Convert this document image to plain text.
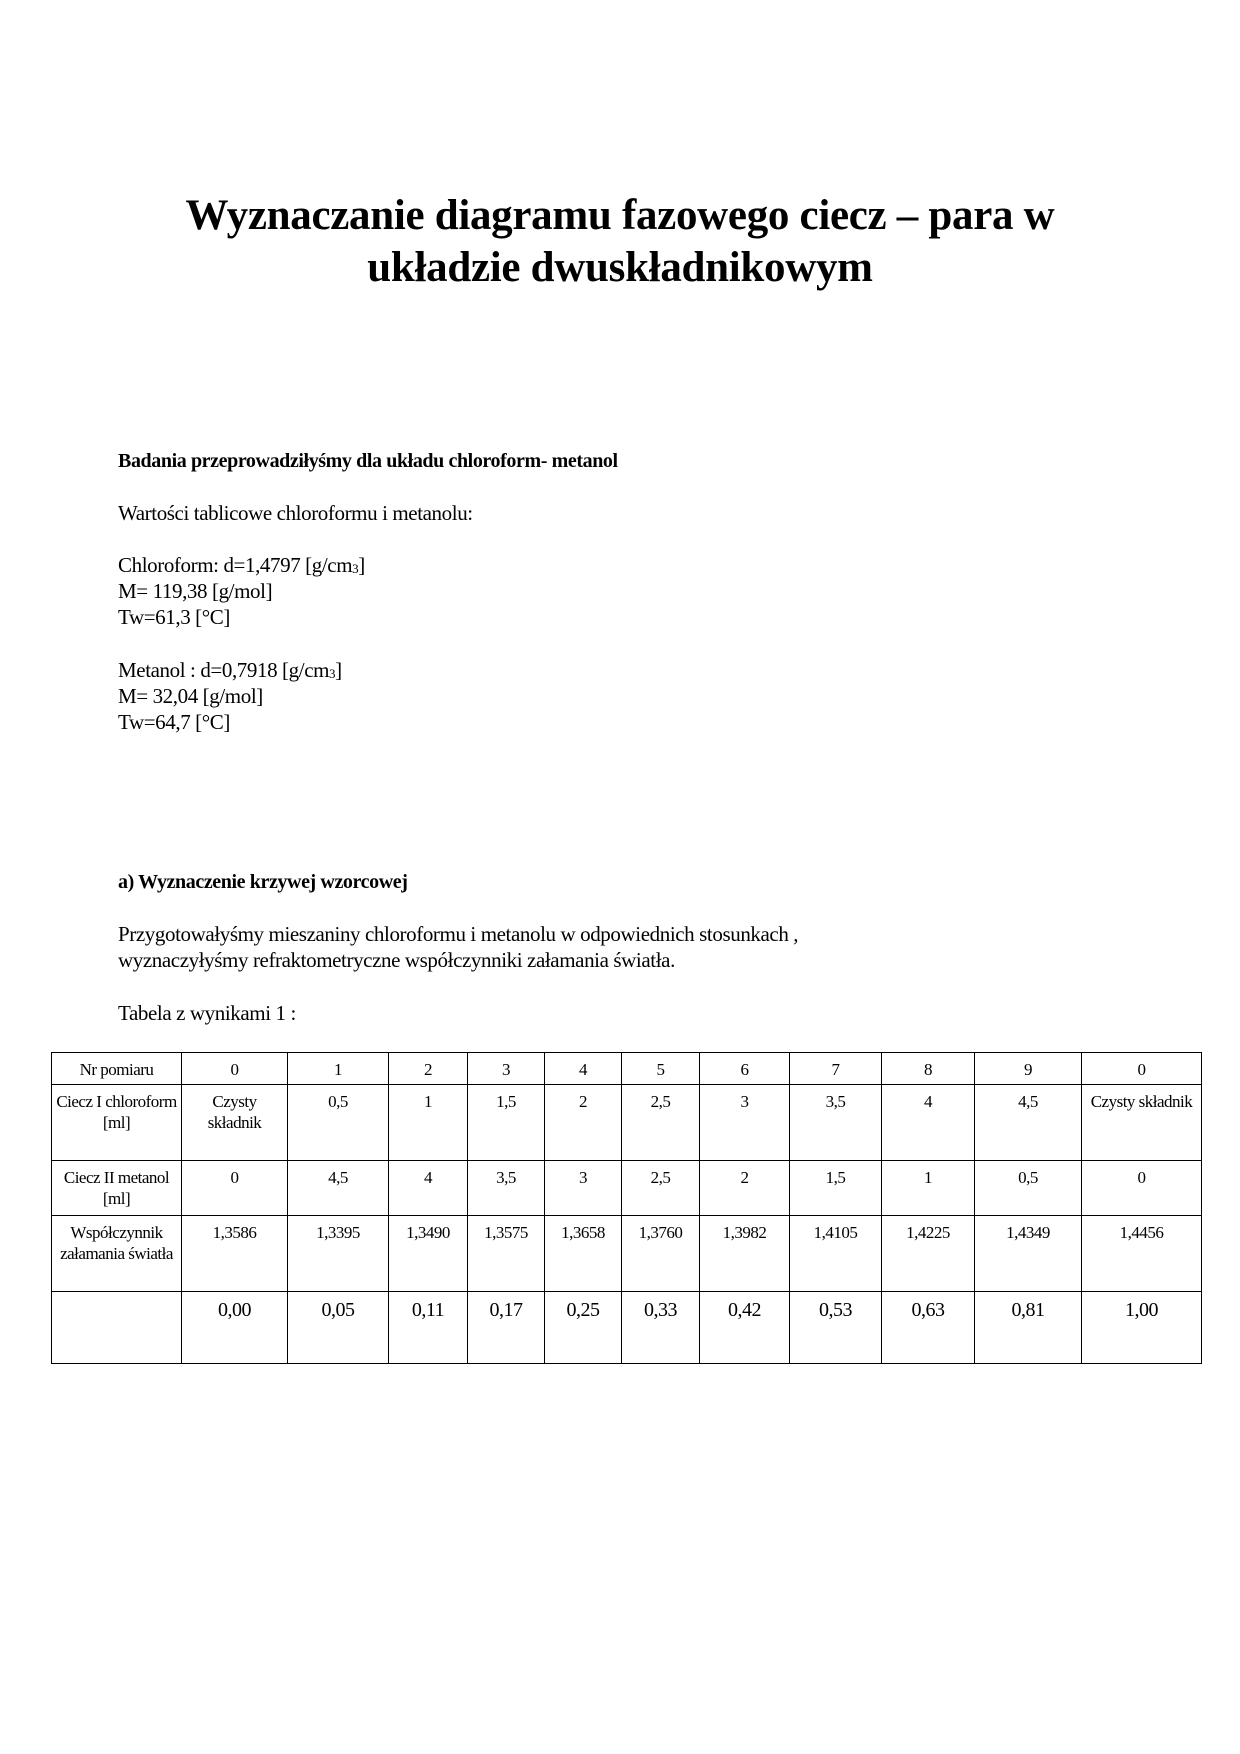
Wyznaczanie diagramu fazowego ciecz – para w
układzie dwuskładnikowym
Badania przeprowadziłyśmy dla układu chloroform- metanol
Wartości tablicowe chloroformu i metanolu:
Chloroform: d=1,4797 $[g/cm_3]$
M= 119,38 [g/mol]
Tw=61,3 [°C]
Metanol : d=0,7918 $[g/cm_3]$
M= 32,04 [g/mol]
Tw=64,7 [°C]
a) Wyznaczenie krzywej wzorcowej
Przygotowałyśmy mieszaniny chloroformu i metanolu w odpowiednich stosunkach ,
wyznaczyłyśmy refraktometryczne współczynniki załamania światła.
Tabela z wynikami 1 :
Nr pomiaru	0	1	2	3	4	5	6	7	8	9	0
Ciecz I chloroform [ml]	Czysty składnik	0,5	1	1,5	2	2,5	3	3,5	4	4,5	Czysty składnik
Ciecz II metanol [ml]	0	4,5	4	3,5	3	2,5	2	1,5	1	0,5	0
Współczynnik załamania światła	1,3586	1,3395	1,3490	1,3575	1,3658	1,3760	1,3982	1,4105	1,4225	1,4349	1,4456
	0,00	0,05	0,11	0,17	0,25	0,33	0,42	0,53	0,63	0,81	1,00
